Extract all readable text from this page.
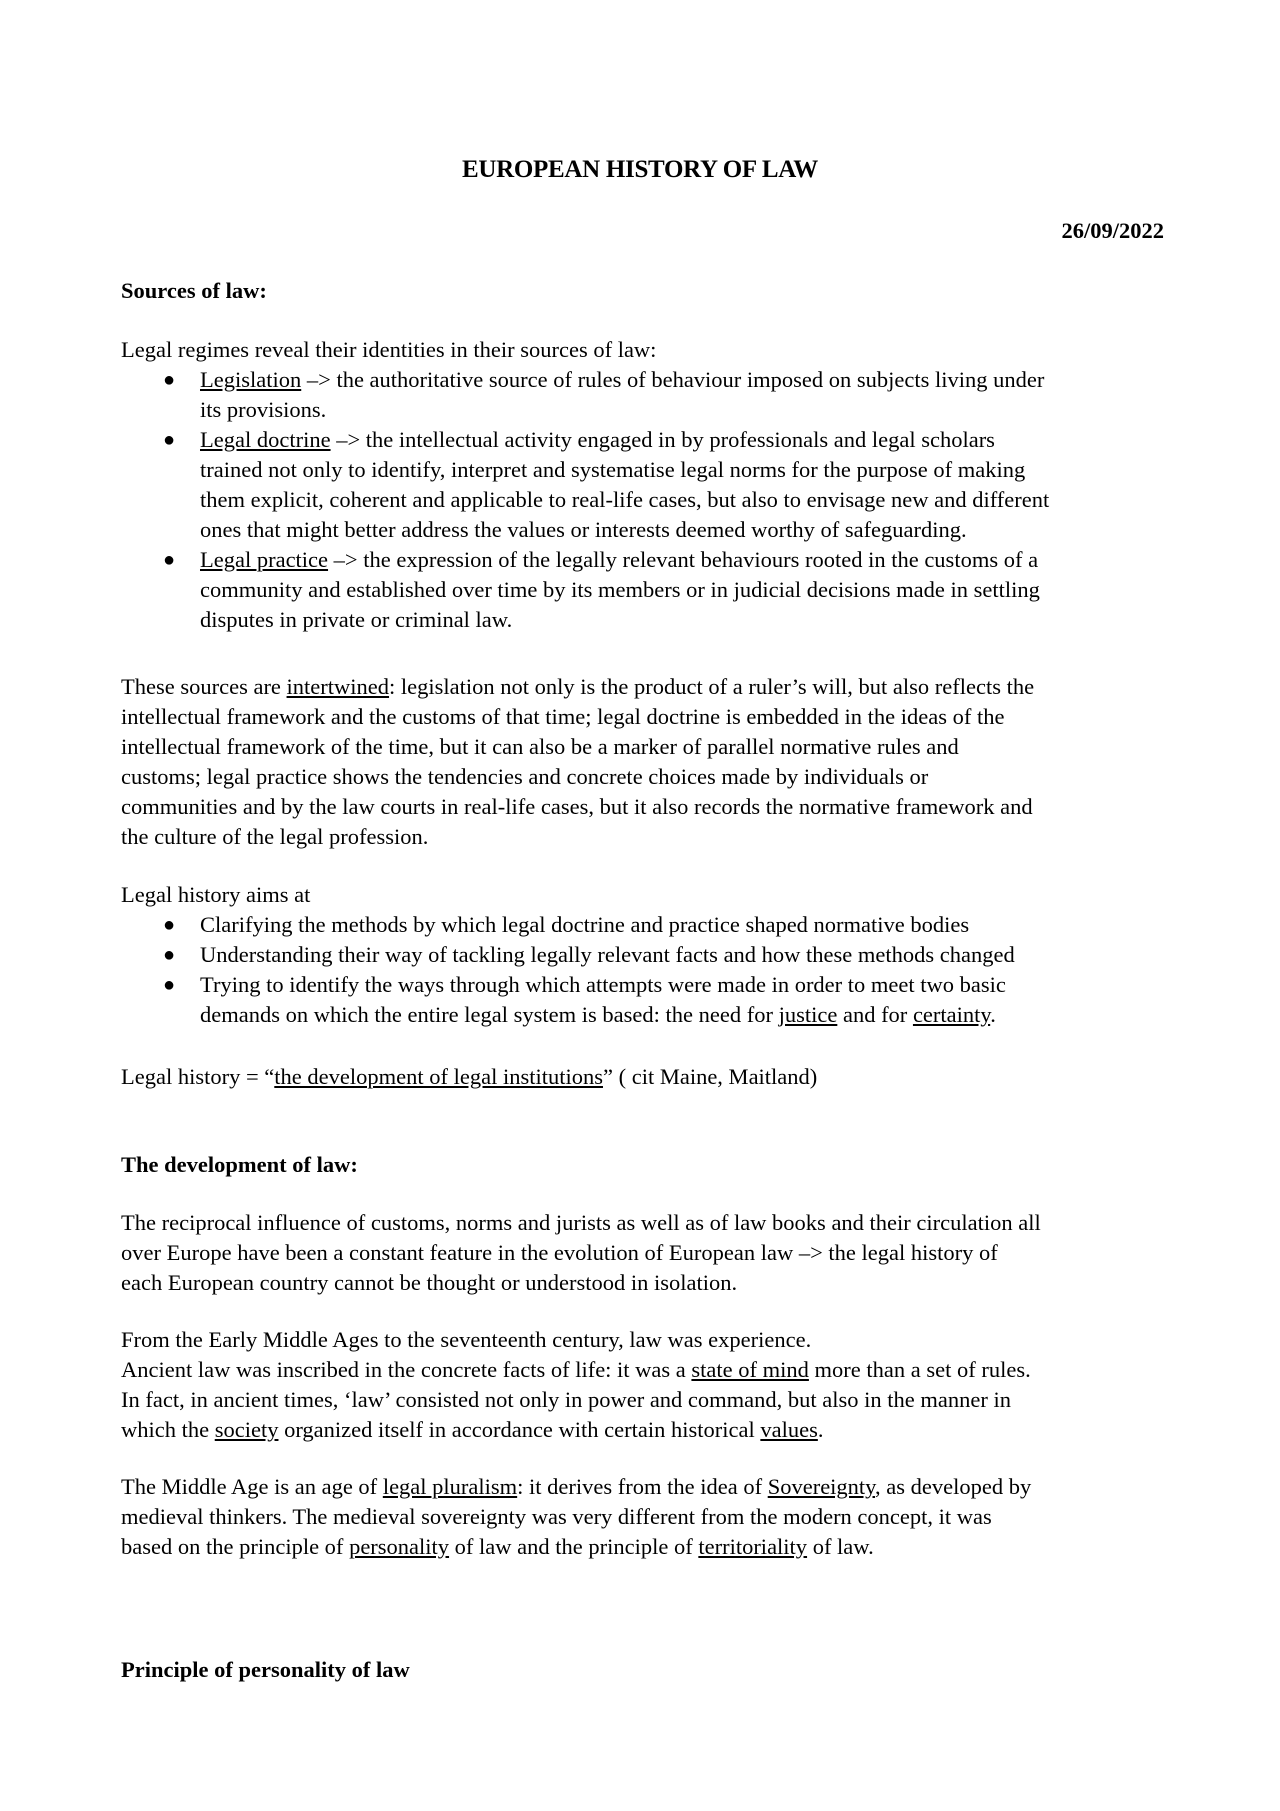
EUROPEAN HISTORY OF LAW
26/09/2022
Sources of law:

Legal regimes reveal their identities in their sources of law:

● Legislation –> the authoritative source of rules of behaviour imposed on subjects living under
its provisions.
● Legal doctrine –> the intellectual activity engaged in by professionals and legal scholars
trained not only to identify, interpret and systematise legal norms for the purpose of making
them explicit, coherent and applicable to real-life cases, but also to envisage new and different
ones that might better address the values or interests deemed worthy of safeguarding.
● Legal practice –> the expression of the legally relevant behaviours rooted in the customs of a
community and established over time by its members or in judicial decisions made in settling
disputes in private or criminal law.

These sources are intertwined: legislation not only is the product of a ruler’s will, but also reflects the
intellectual framework and the customs of that time; legal doctrine is embedded in the ideas of the
intellectual framework of the time, but it can also be a marker of parallel normative rules and
customs; legal practice shows the tendencies and concrete choices made by individuals or
communities and by the law courts in real-life cases, but it also records the normative framework and
the culture of the legal profession.

Legal history aims at

● Clarifying the methods by which legal doctrine and practice shaped normative bodies
● Understanding their way of tackling legally relevant facts and how these methods changed
● Trying to identify the ways through which attempts were made in order to meet two basic
demands on which the entire legal system is based: the need for justice and for certainty.

Legal history = “the development of legal institutions” ( cit Maine, Maitland)

The development of law:

The reciprocal influence of customs, norms and jurists as well as of law books and their circulation all
over Europe have been a constant feature in the evolution of European law –> the legal history of
each European country cannot be thought or understood in isolation.

From the Early Middle Ages to the seventeenth century, law was experience.
Ancient law was inscribed in the concrete facts of life: it was a state of mind more than a set of rules.
In fact, in ancient times, ‘law’ consisted not only in power and command, but also in the manner in
which the society organized itself in accordance with certain historical values.

The Middle Age is an age of legal pluralism: it derives from the idea of Sovereignty, as developed by
medieval thinkers. The medieval sovereignty was very different from the modern concept, it was
based on the principle of personality of law and the principle of territoriality of law.

Principle of personality of law
